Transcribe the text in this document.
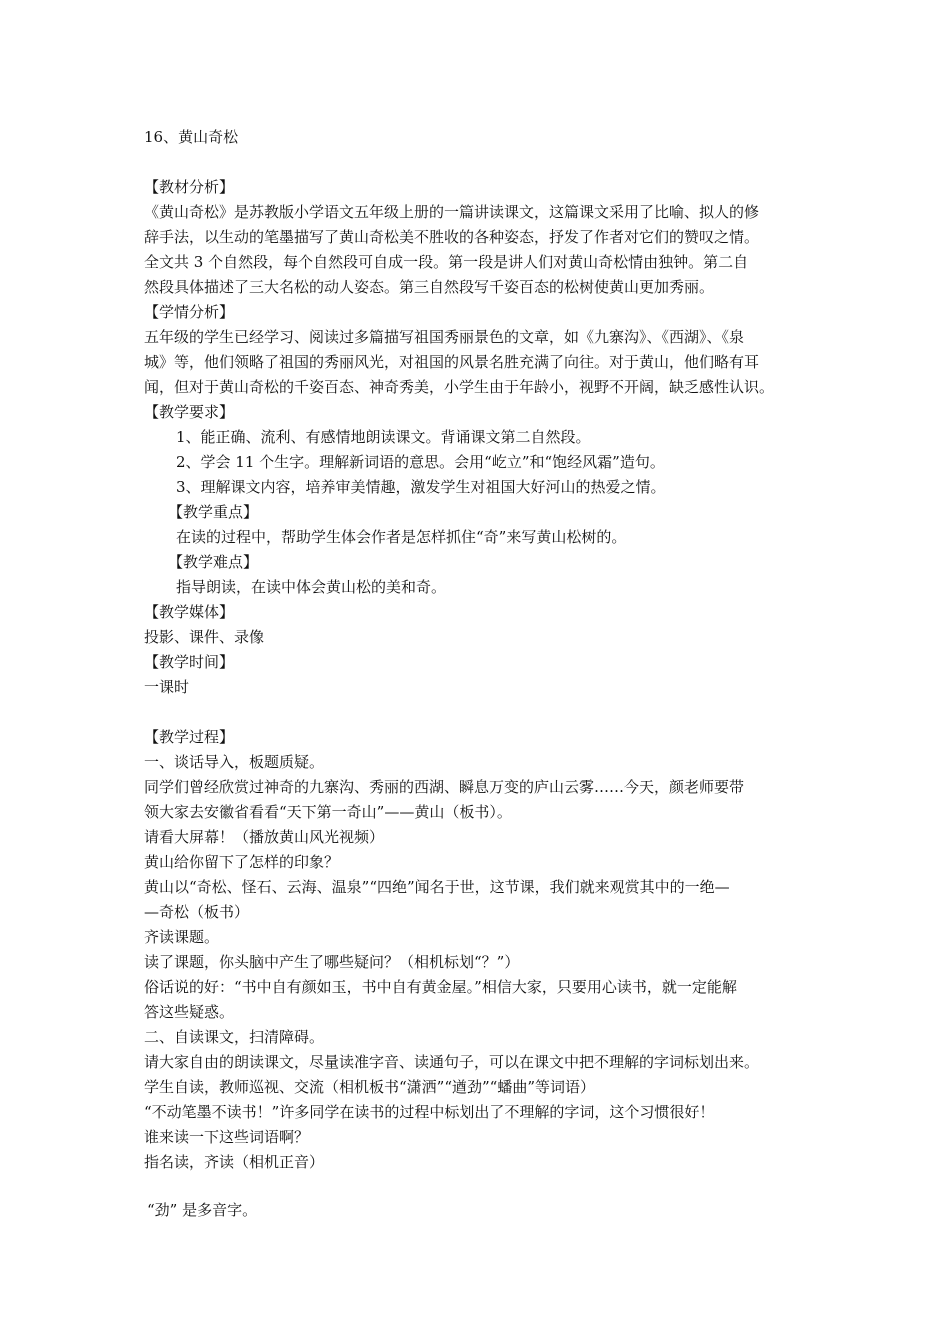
16、黄山奇松
【教材分析】
《黄山奇松》是苏教版小学语文五年级上册的一篇讲读课文，这篇课文采用了比喻、拟人的修
辞手法，以生动的笔墨描写了黄山奇松美不胜收的各种姿态，抒发了作者对它们的赞叹之情。
全文共 3 个自然段，每个自然段可自成一段。第一段是讲人们对黄山奇松情由独钟。第二自
然段具体描述了三大名松的动人姿态。第三自然段写千姿百态的松树使黄山更加秀丽。
【学情分析】
五年级的学生已经学习、阅读过多篇描写祖国秀丽景色的文章，如《九寨沟》、《西湖》、《泉
城》等，他们领略了祖国的秀丽风光，对祖国的风景名胜充满了向往。对于黄山，他们略有耳
闻，但对于黄山奇松的千姿百态、神奇秀美，小学生由于年龄小，视野不开阔，缺乏感性认识。
【教学要求】
1、能正确、流利、有感情地朗读课文。背诵课文第二自然段。
2、学会 11 个生字。理解新词语的意思。会用“屹立”和“饱经风霜”造句。
3、理解课文内容，培养审美情趣，激发学生对祖国大好河山的热爱之情。
【教学重点】
在读的过程中，帮助学生体会作者是怎样抓住“奇”来写黄山松树的。
【教学难点】
指导朗读，在读中体会黄山松的美和奇。
【教学媒体】
投影、课件、录像
【教学时间】
一课时
【教学过程】
一、谈话导入，板题质疑。
同学们曾经欣赏过神奇的九寨沟、秀丽的西湖、瞬息万变的庐山云雾……今天，颜老师要带
领大家去安徽省看看“天下第一奇山”——黄山（板书）。
请看大屏幕！（播放黄山风光视频）
黄山给你留下了怎样的印象？
黄山以“奇松、怪石、云海、温泉”“四绝”闻名于世，这节课，我们就来观赏其中的一绝—
—奇松（板书）
齐读课题。
读了课题，你头脑中产生了哪些疑问？（相机标划“？”）
俗话说的好：“书中自有颜如玉，书中自有黄金屋。”相信大家，只要用心读书，就一定能解
答这些疑惑。
二、自读课文，扫清障碍。
请大家自由的朗读课文，尽量读准字音、读通句子，可以在课文中把不理解的字词标划出来。
学生自读，教师巡视、交流（相机板书“潇洒”“遒劲”“蟠曲”等词语）
“不动笔墨不读书！”许多同学在读书的过程中标划出了不理解的字词，这个习惯很好！
谁来读一下这些词语啊？
指名读，齐读（相机正音）
“劲” 是多音字。
